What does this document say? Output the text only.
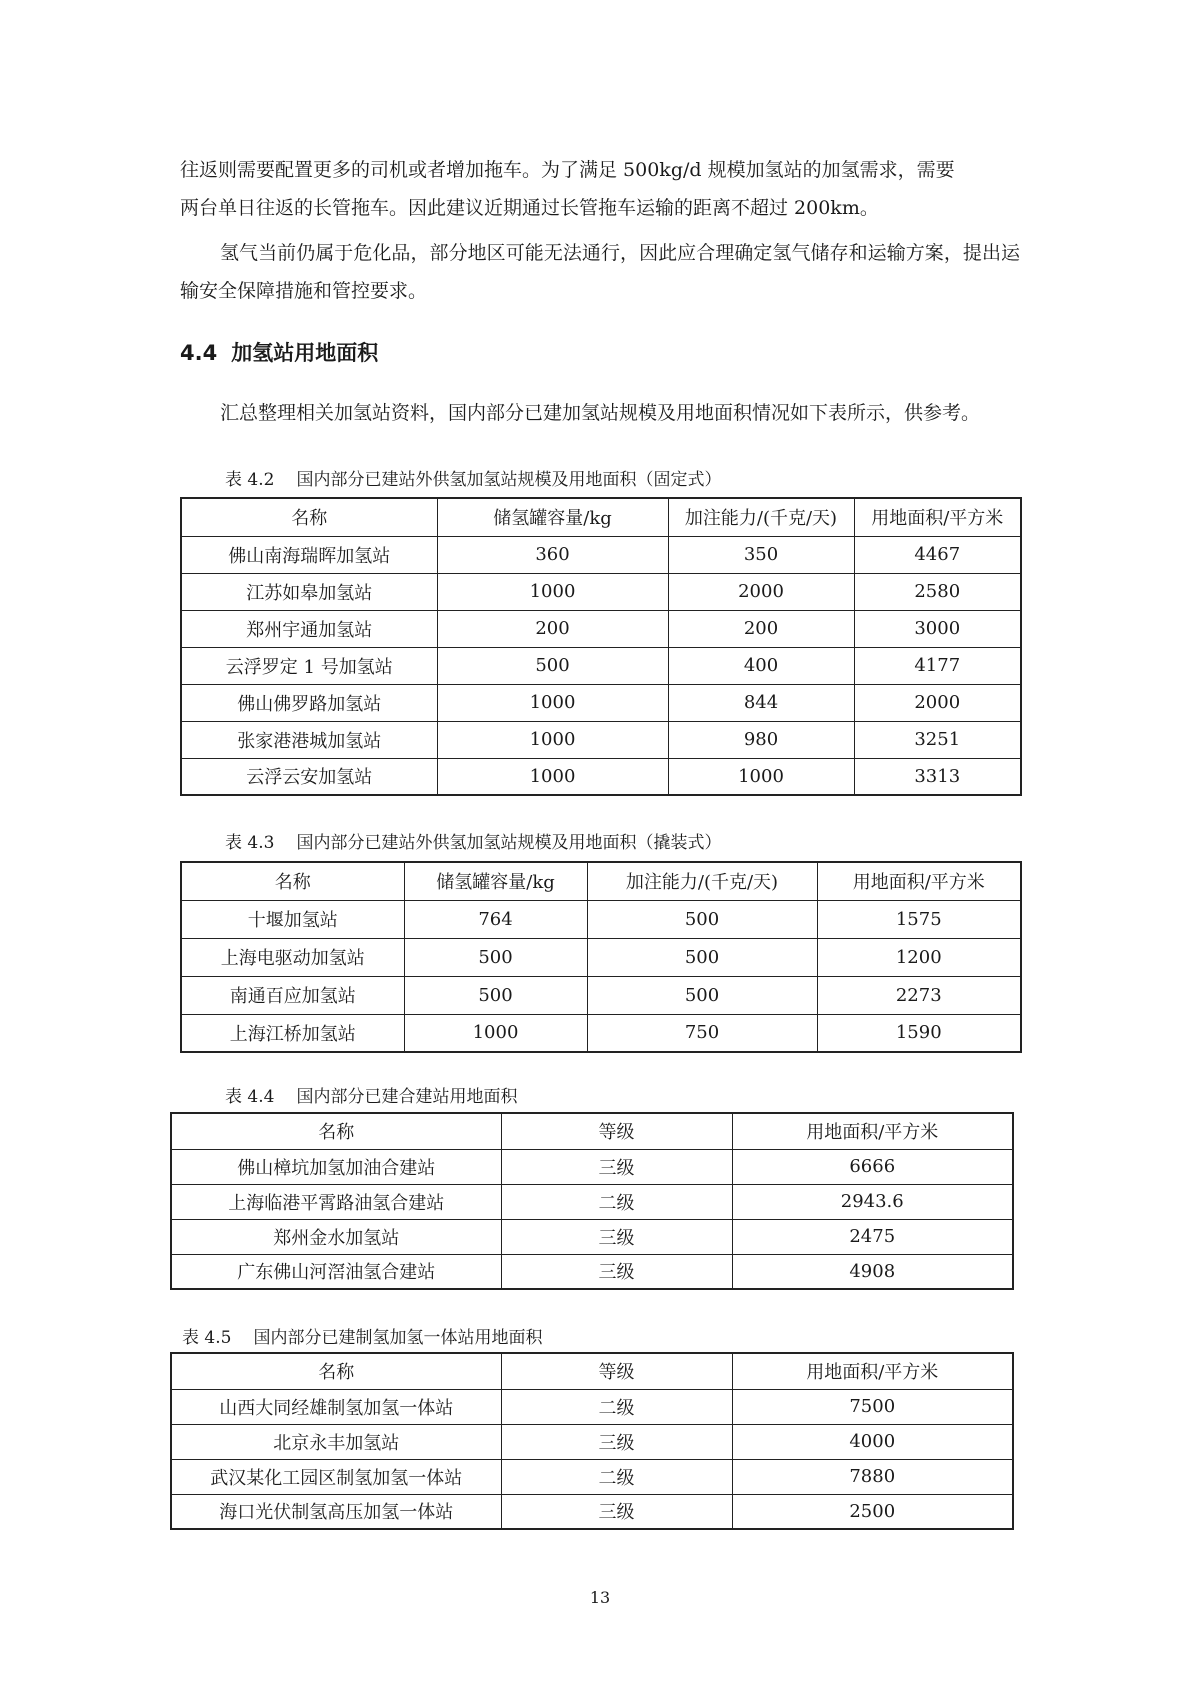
往返则需要配置更多的司机或者增加拖车。为了满足 500kg/d 规模加氢站的加氢需求，需要
两台单日往返的长管拖车。因此建议近期通过长管拖车运输的距离不超过 200km。

氢气当前仍属于危化品，部分地区可能无法通行，因此应合理确定氢气储存和运输方案，提出运输安全保障措施和管控要求。

4.4 加氢站用地面积

汇总整理相关加氢站资料，国内部分已建加氢站规模及用地面积情况如下表所示，供参考。

表 4.2 国内部分已建站外供氢加氢站规模及用地面积（固定式）

名称	储氢罐容量/kg	加注能力/(千克/天)	用地面积/平方米
佛山南海瑞晖加氢站	360	350	4467
江苏如皋加氢站	1000	2000	2580
郑州宇通加氢站	200	200	3000
云浮罗定 1 号加氢站	500	400	4177
佛山佛罗路加氢站	1000	844	2000
张家港港城加氢站	1000	980	3251
云浮云安加氢站	1000	1000	3313

表 4.3 国内部分已建站外供氢加氢站规模及用地面积（撬装式）

名称	储氢罐容量/kg	加注能力/(千克/天)	用地面积/平方米
十堰加氢站	764	500	1575
上海电驱动加氢站	500	500	1200
南通百应加氢站	500	500	2273
上海江桥加氢站	1000	750	1590

表 4.4 国内部分已建合建站用地面积

名称	等级	用地面积/平方米
佛山樟坑加氢加油合建站	三级	6666
上海临港平霄路油氢合建站	二级	2943.6
郑州金水加氢站	三级	2475
广东佛山河滘油氢合建站	三级	4908

表 4.5 国内部分已建制氢加氢一体站用地面积

名称	等级	用地面积/平方米
山西大同经雄制氢加氢一体站	二级	7500
北京永丰加氢站	三级	4000
武汉某化工园区制氢加氢一体站	二级	7880
海口光伏制氢高压加氢一体站	三级	2500
13
